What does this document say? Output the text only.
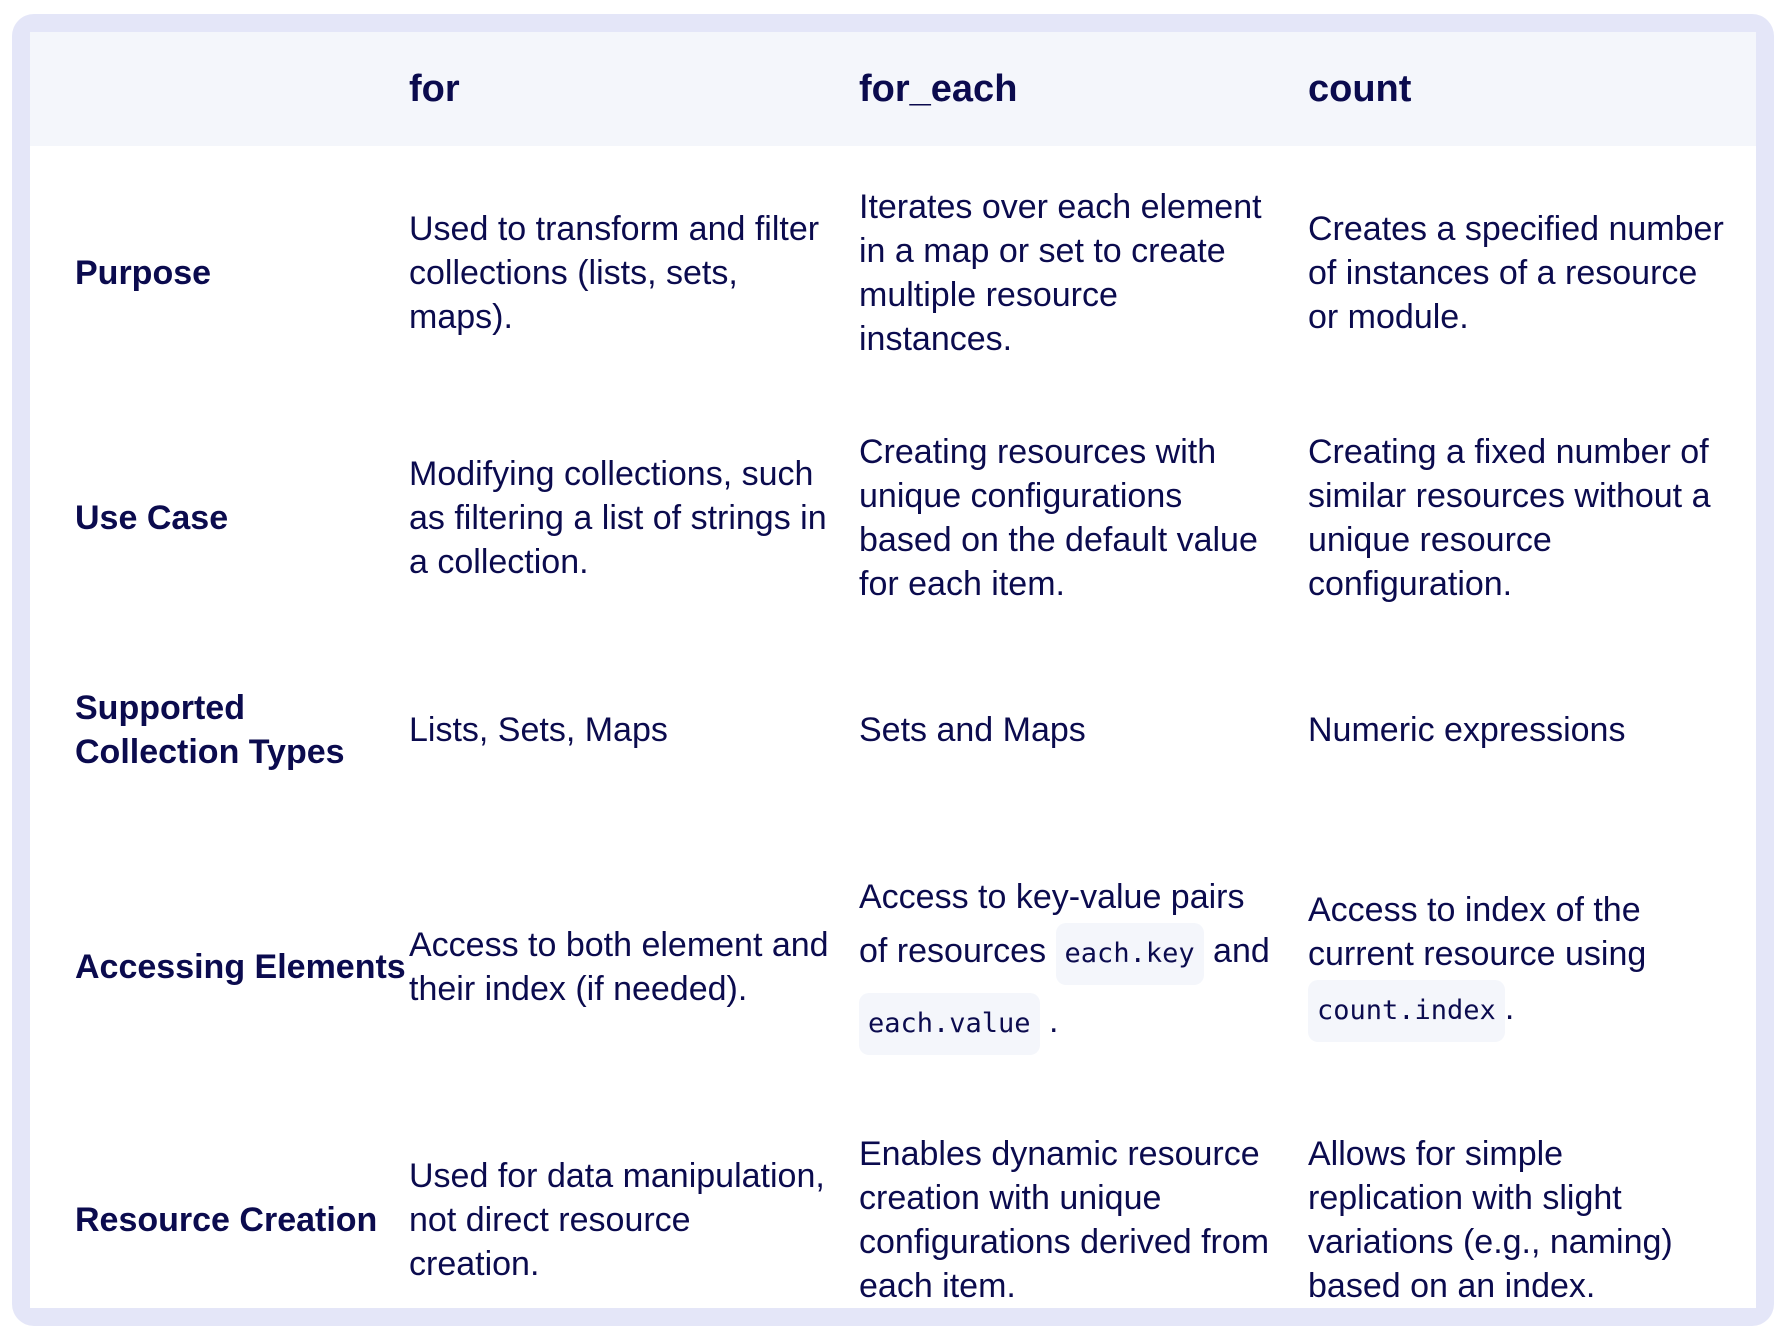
	for	for_each	count
Purpose	Used to transform and filter collections (lists, sets, maps).	Iterates over each element in a map or set to create multiple resource instances.	Creates a specified number of instances of a resource or module.
Use Case	Modifying collections, such as filtering a list of strings in a collection.	Creating resources with unique configurations based on the default value for each item.	Creating a fixed number of similar resources without a unique resource configuration.
Supported Collection Types	Lists, Sets, Maps	Sets and Maps	Numeric expressions
Accessing Elements	Access to both element and their index (if needed).	Access to key-value pairs of resources each.key and each.value .	Access to index of the current resource using count.index .
Resource Creation	Used for data manipulation, not direct resource creation.	Enables dynamic resource creation with unique configurations derived from each item.	Allows for simple replication with slight variations (e.g., naming) based on an index.
